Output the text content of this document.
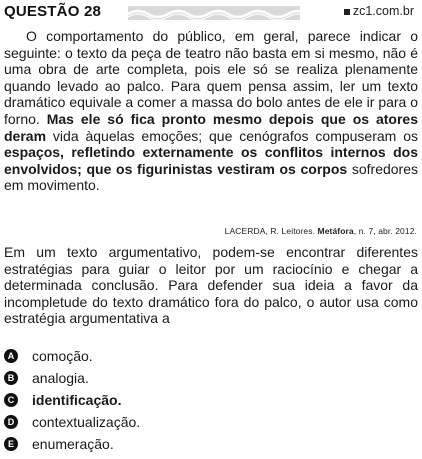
QUESTÃO 28	zc1.com.br

O comportamento do público, em geral, parece indicar o seguinte: o texto da peça de teatro não basta em si mesmo, não é uma obra de arte completa, pois ele só se realiza plenamente quando levado ao palco. Para quem pensa assim, ler um texto dramático equivale a comer a massa do bolo antes de ele ir para o forno. Mas ele só fica pronto mesmo depois que os atores deram vida àquelas emoções; que cenógrafos compuseram os espaços, refletindo externamente os conflitos internos dos envolvidos; que os figurinistas vestiram os corpos sofredores em movimento.

LACERDA, R. Leitores. Metáfora, n. 7, abr. 2012.

Em um texto argumentativo, podem-se encontrar diferentes estratégias para guiar o leitor por um raciocínio e chegar a determinada conclusão. Para defender sua ideia a favor da incompletude do texto dramático fora do palco, o autor usa como estratégia argumentativa a

A comoção.
B analogia.
C identificação.
D contextualização.
E enumeração.
